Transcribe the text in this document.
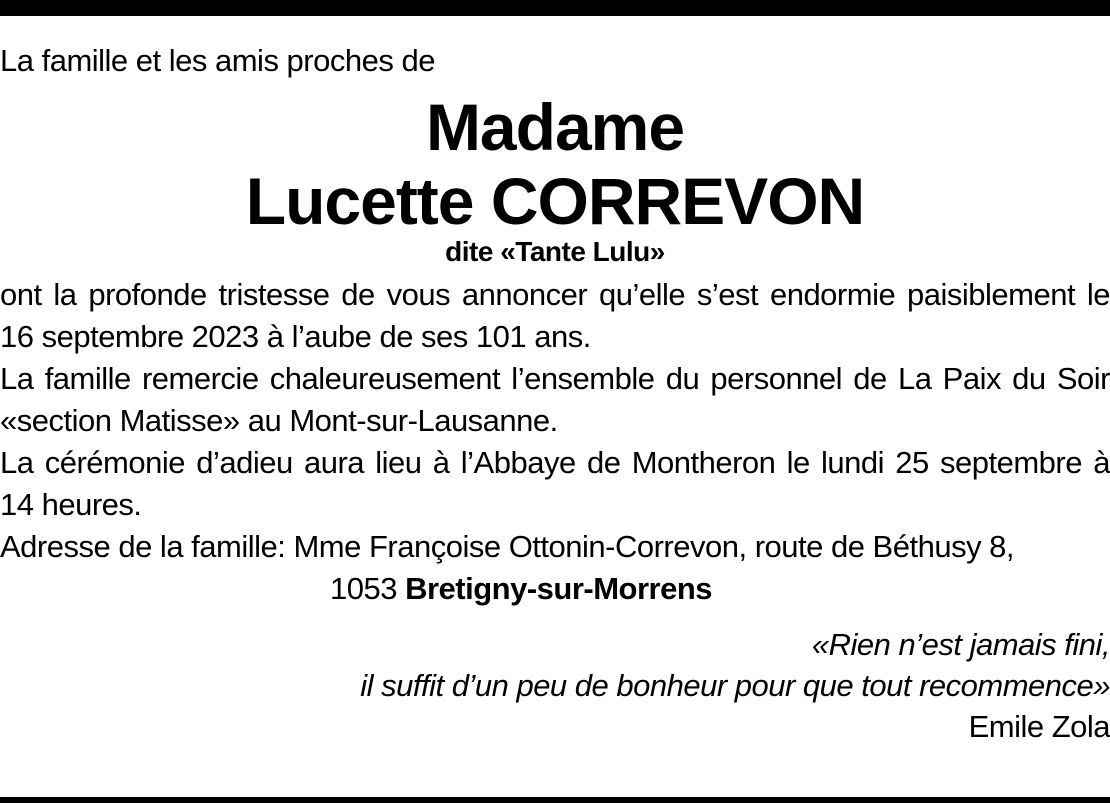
La famille et les amis proches de

Madame

Lucette CORREVON

dite «Tante Lulu»

ont la profonde tristesse de vous annoncer qu’elle s’est endormie paisiblement le 16 septembre 2023 à l’aube de ses 101 ans.

La famille remercie chaleureusement l’ensemble du personnel de La Paix du Soir «section Matisse» au Mont-sur-Lausanne.

La cérémonie d’adieu aura lieu à l’Abbaye de Montheron le lundi 25 septembre à 14 heures.

Adresse de la famille: Mme Françoise Ottonin-Correvon, route de Béthusy 8,

1053 Bretigny-sur-Morrens

«Rien n’est jamais fini,

il suffit d’un peu de bonheur pour que tout recommence»

Emile Zola
